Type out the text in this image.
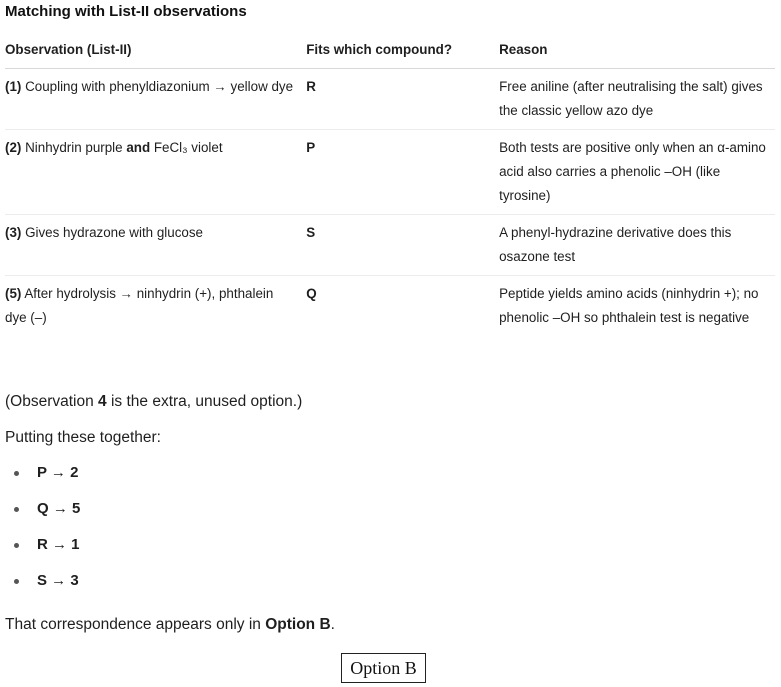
Matching with List-II observations
Observation (List-II)	Fits which compound?	Reason
(1) Coupling with phenyldiazonium → yellow dye	R	Free aniline (after neutralising the salt) gives the classic yellow azo dye
(2) Ninhydrin purple and FeCl₃ violet	P	Both tests are positive only when an α-amino acid also carries a phenolic –OH (like tyrosine)
(3) Gives hydrazone with glucose	S	A phenyl-hydrazine derivative does this osazone test
(5) After hydrolysis → ninhydrin (+), phthalein dye (–)	Q	Peptide yields amino acids (ninhydrin +); no phenolic –OH so phthalein test is negative

(Observation 4 is the extra, unused option.)

Putting these together:

P → 2
Q → 5
R → 1
S → 3

That correspondence appears only in Option B.

Option B
